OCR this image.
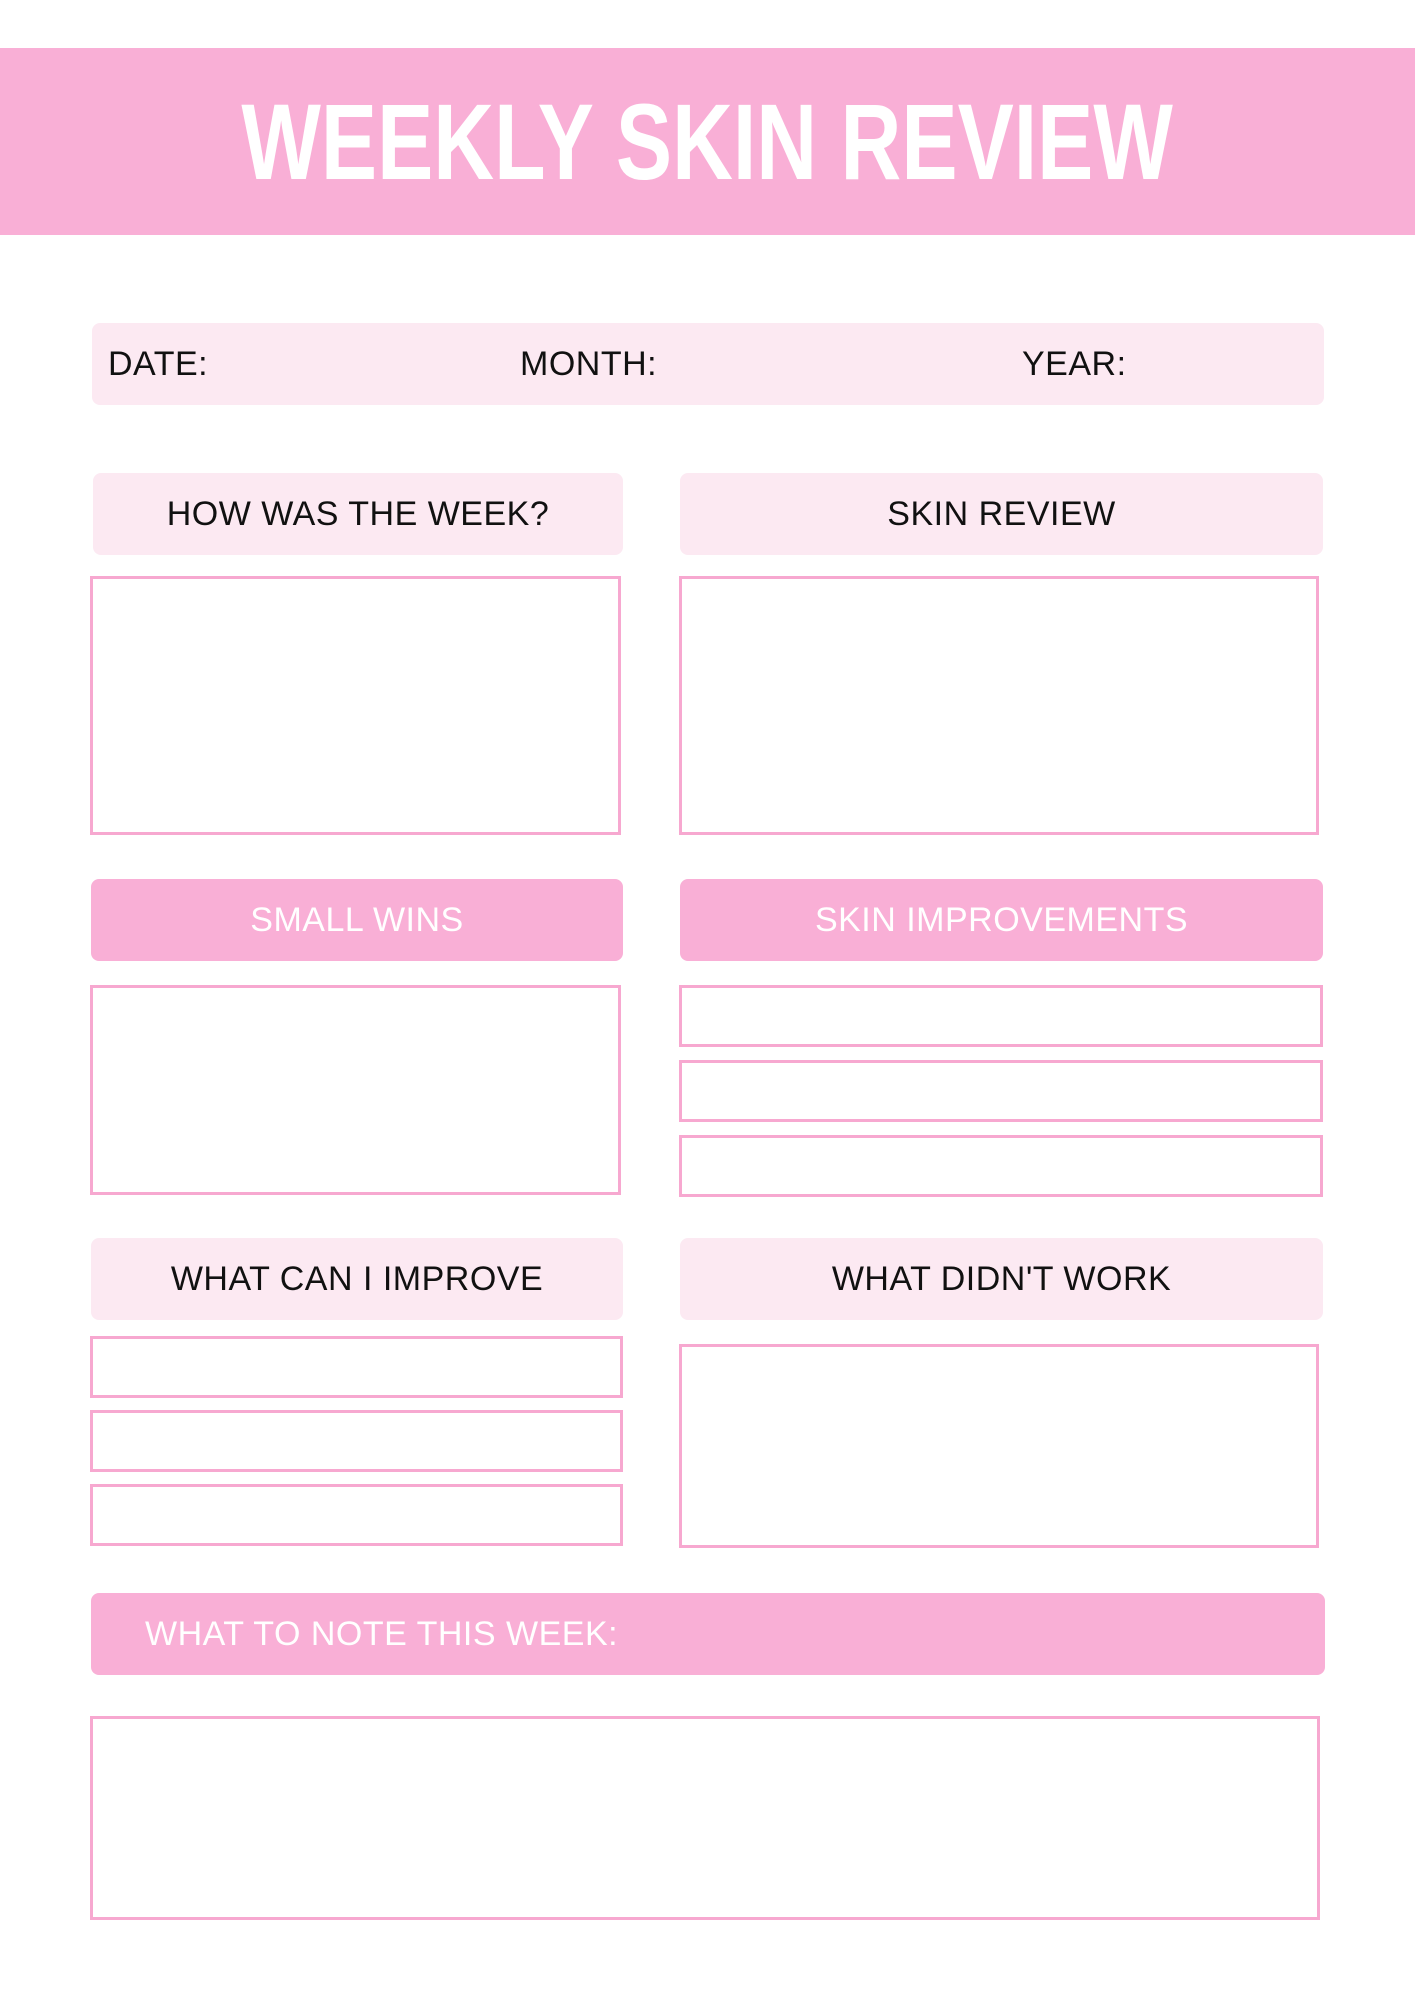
WEEKLY SKIN REVIEW
DATE:	MONTH:	YEAR:
HOW WAS THE WEEK?	SKIN REVIEW
SMALL WINS	SKIN IMPROVEMENTS
WHAT CAN I IMPROVE	WHAT DIDN'T WORK
WHAT TO NOTE THIS WEEK:
